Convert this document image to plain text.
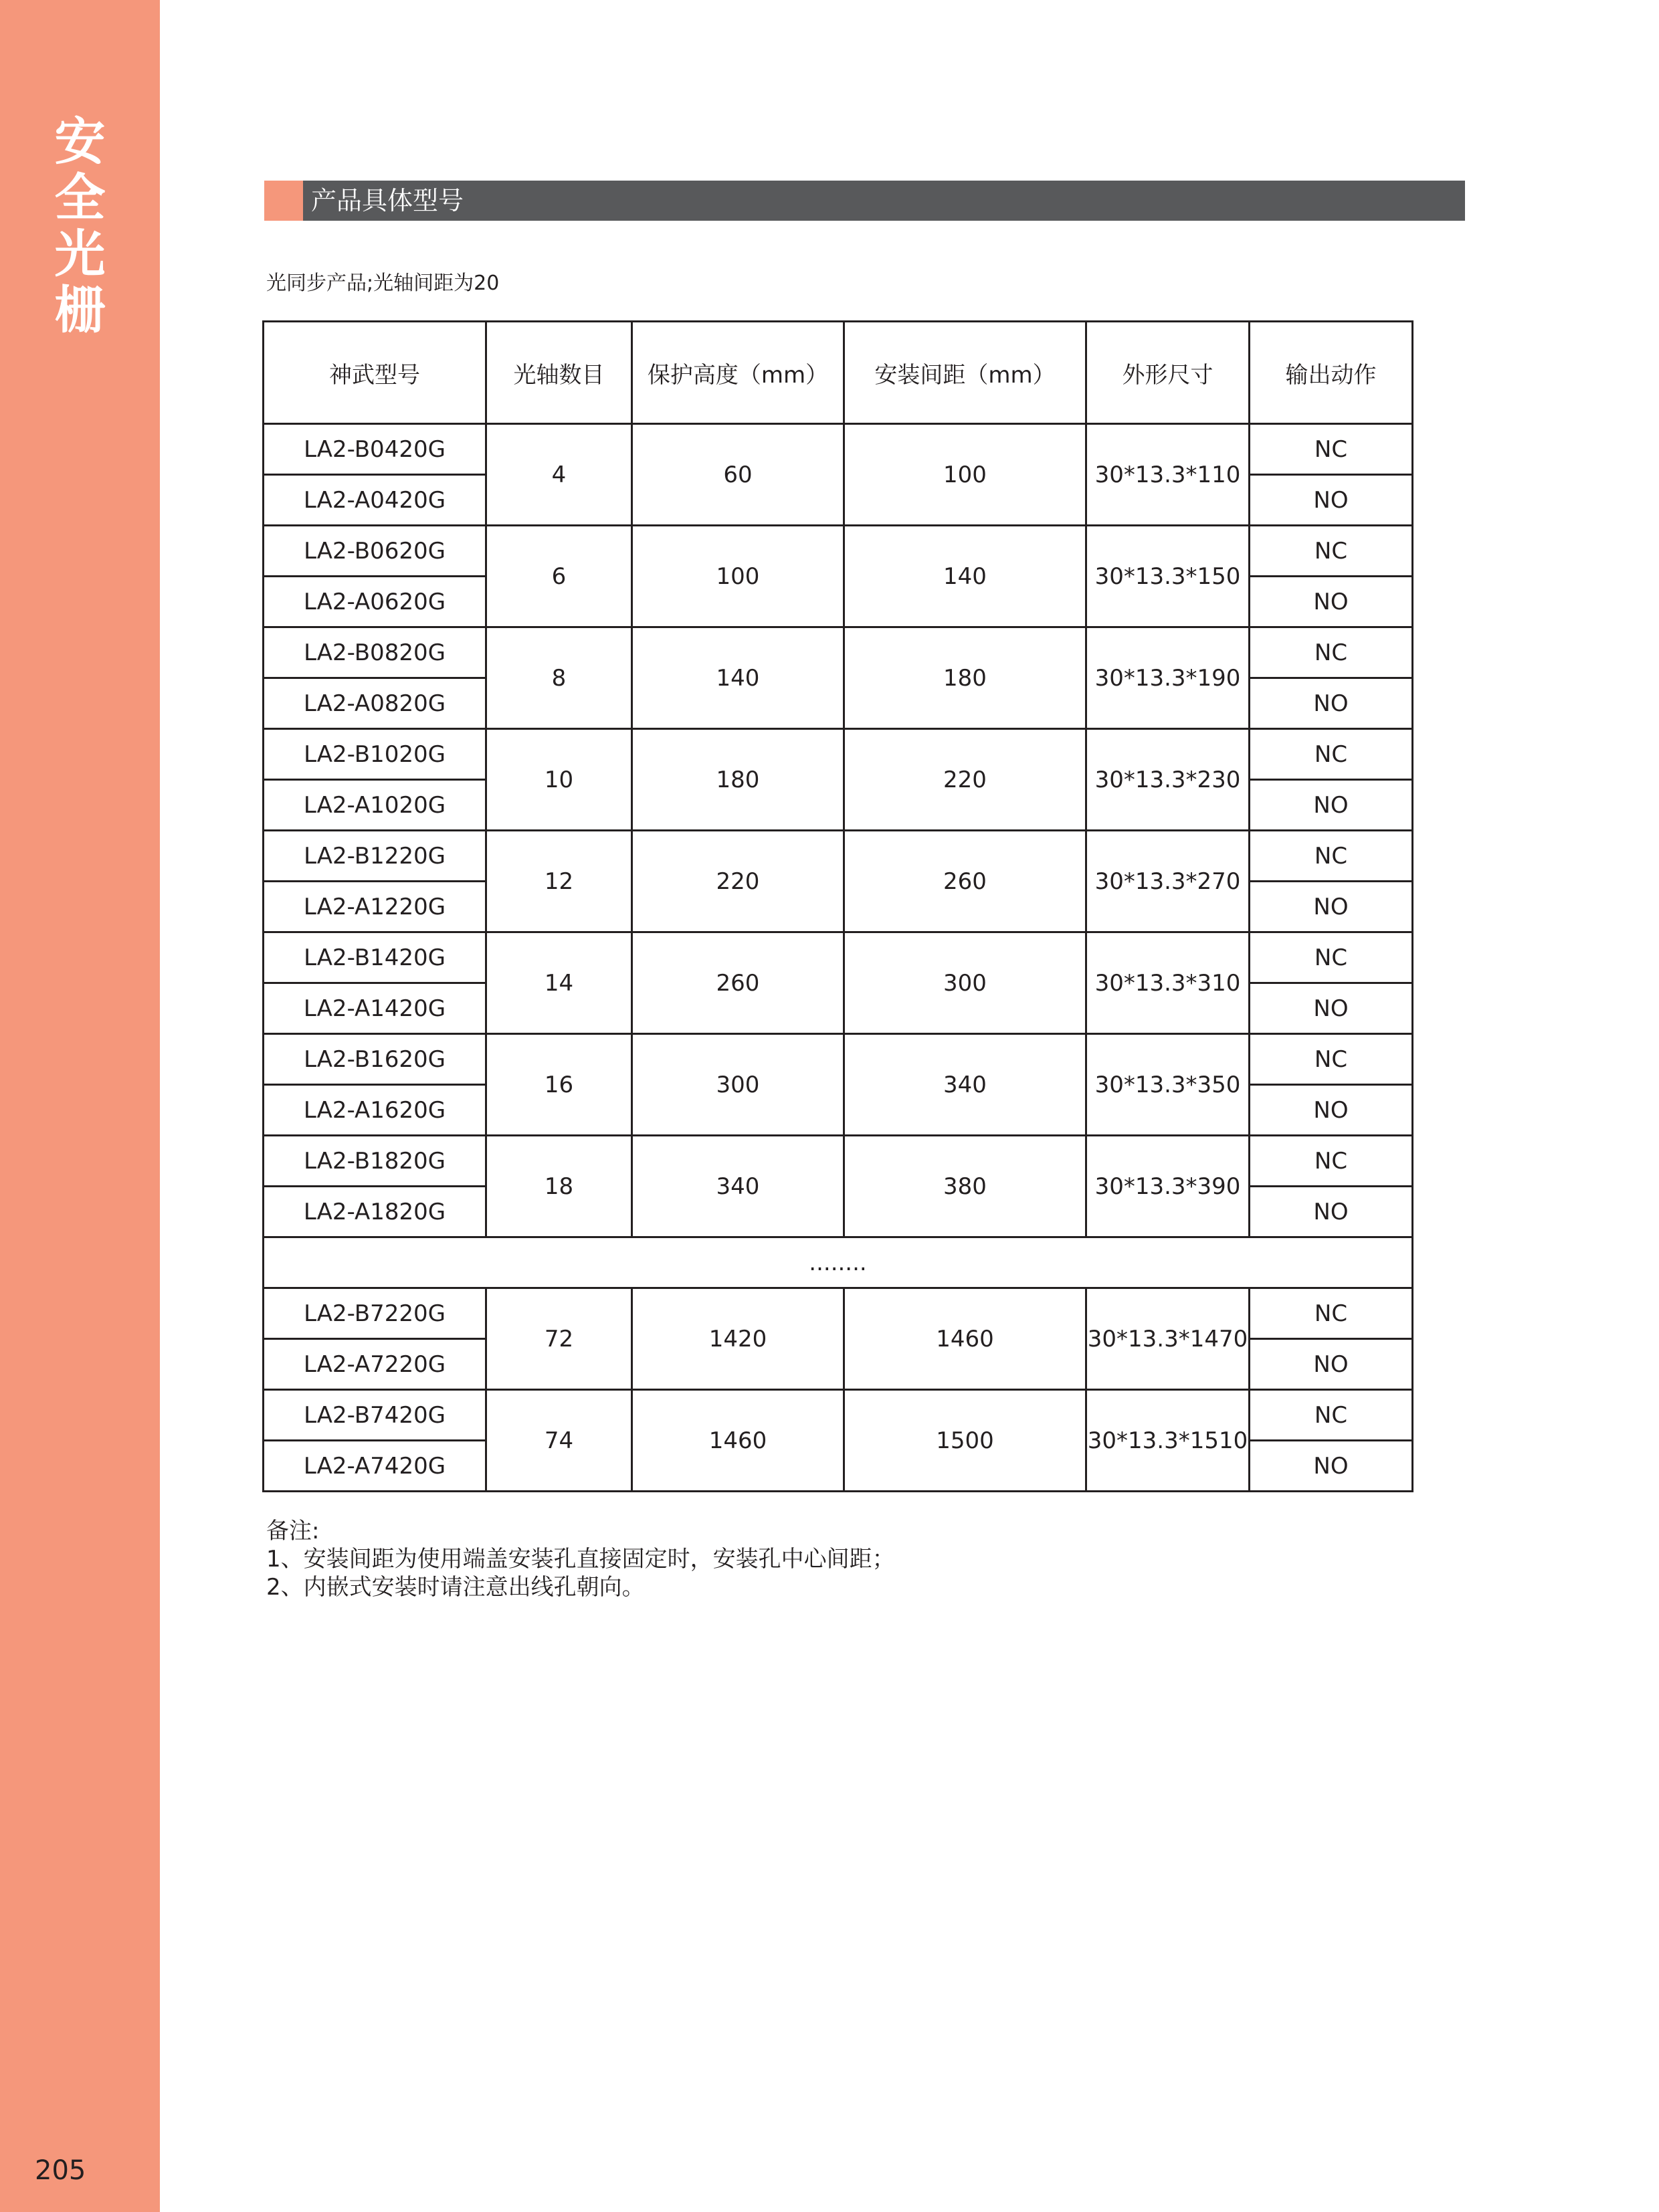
安
全
光
栅
205
产品具体型号
光同步产品;光轴间距为20
神武型号	光轴数目	保护高度（mm）	安装间距（mm）	外形尺寸	输出动作
LA2-B0420G	4	60	100	30*13.3*110	NC
LA2-A0420G					NO
LA2-B0620G	6	100	140	30*13.3*150	NC
LA2-A0620G					NO
LA2-B0820G	8	140	180	30*13.3*190	NC
LA2-A0820G					NO
LA2-B1020G	10	180	220	30*13.3*230	NC
LA2-A1020G					NO
LA2-B1220G	12	220	260	30*13.3*270	NC
LA2-A1220G					NO
LA2-B1420G	14	260	300	30*13.3*310	NC
LA2-A1420G					NO
LA2-B1620G	16	300	340	30*13.3*350	NC
LA2-A1620G					NO
LA2-B1820G	18	340	380	30*13.3*390	NC
LA2-A1820G					NO
........					
LA2-B7220G	72	1420	1460	30*13.3*1470	NC
LA2-A7220G					NO
LA2-B7420G	74	1460	1500	30*13.3*1510	NC
LA2-A7420G					NO
备注:
1、安装间距为使用端盖安装孔直接固定时，安装孔中心间距；
2、内嵌式安装时请注意出线孔朝向。
